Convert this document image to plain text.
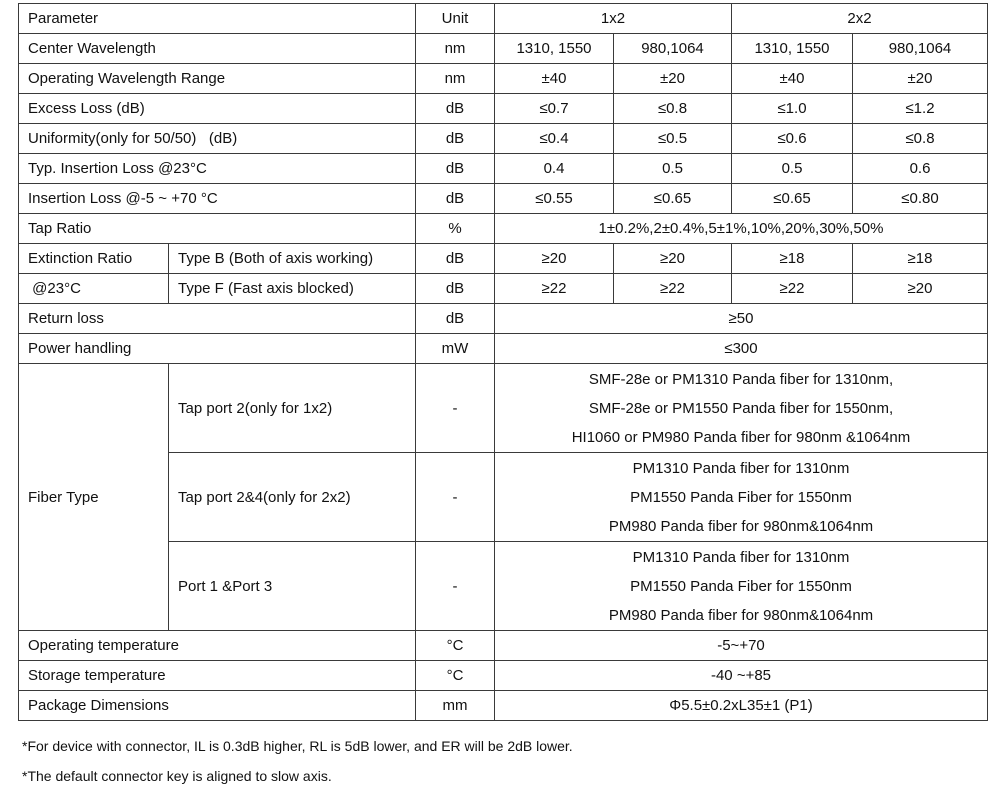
Parameter		Unit	1x2		2x2	
Center Wavelength		nm	1310, 1550	980,1064	1310, 1550	980,1064
Operating Wavelength Range		nm	±40	±20	±40	±20
Excess Loss (dB)		dB	≤0.7	≤0.8	≤1.0	≤1.2
Uniformity(only for 50/50)   (dB)		dB	≤0.4	≤0.5	≤0.6	≤0.8
Typ. Insertion Loss @23°C		dB	0.4	0.5	0.5	0.6
Insertion Loss @-5 ~ +70 °C		dB	≤0.55	≤0.65	≤0.65	≤0.80
Tap Ratio		%	1±0.2%,2±0.4%,5±1%,10%,20%,30%,50%			
Extinction Ratio	Type B (Both of axis working)	dB	≥20	≥20	≥18	≥18
@23°C	Type F (Fast axis blocked)	dB	≥22	≥22	≥22	≥20
Return loss		dB	≥50			
Power handling		mW	≤300			
Fiber Type	Tap port 2(only for 1x2)	-	SMF-28e or PM1310 Panda fiber for 1310nm,
SMF-28e or PM1550 Panda fiber for 1550nm,
HI1060 or PM980 Panda fiber for 980nm &1064nm			

	Tap port 2&4(only for 2x2)	-	PM1310 Panda fiber for 1310nm
PM1550 Panda Fiber for 1550nm
PM980 Panda fiber for 980nm&1064nm			

	Port 1 &Port 3	-	PM1310 Panda fiber for 1310nm
PM1550 Panda Fiber for 1550nm
PM980 Panda fiber for 980nm&1064nm			

Operating temperature		°C	-5~+70			
Storage temperature		°C	-40 ~+85			
Package Dimensions		mm	Φ5.5±0.2xL35±1 (P1)			
*For device with connector, IL is 0.3dB higher, RL is 5dB lower, and ER will be 2dB lower.
*The default connector key is aligned to slow axis.
